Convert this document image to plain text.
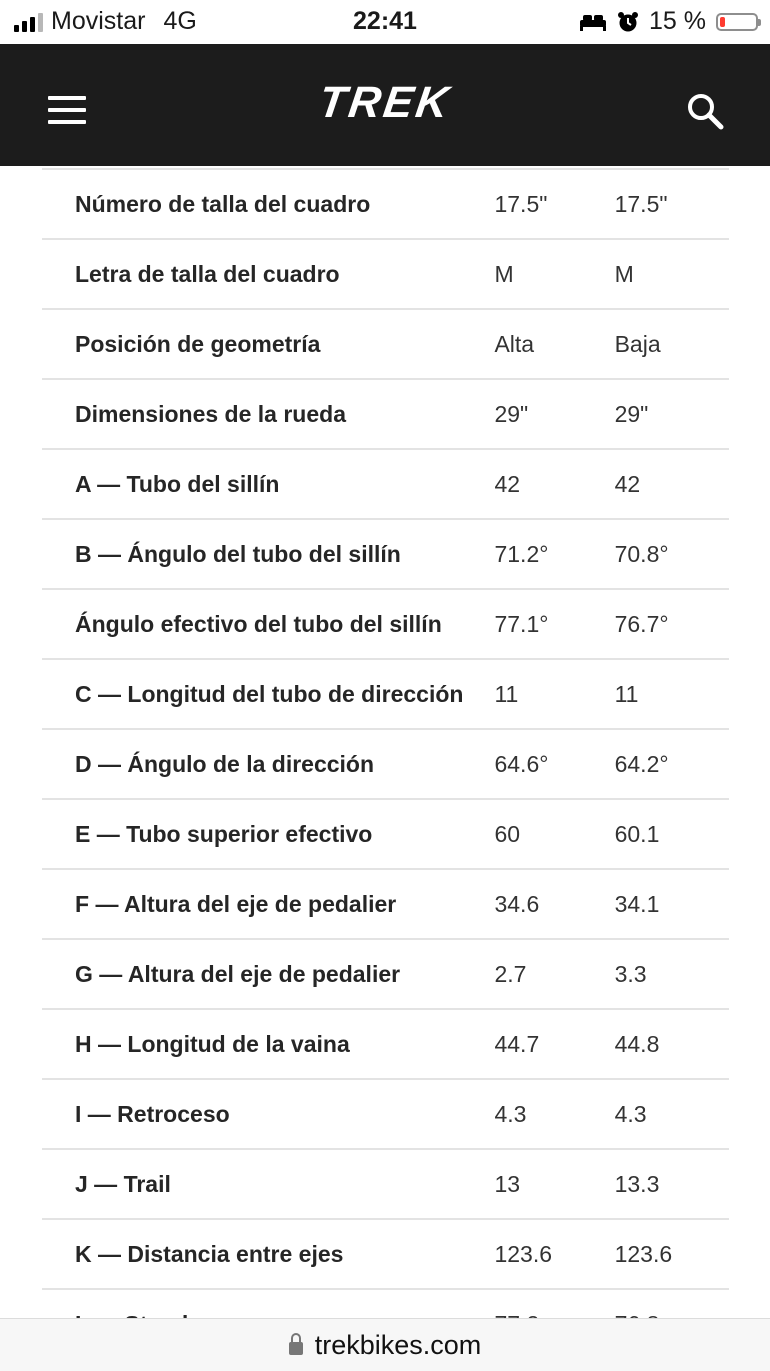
Movistar 4G	22:41	15 %
TREK
Número de talla del cuadro	17.5"	17.5"
Letra de talla del cuadro	M	M
Posición de geometría	Alta	Baja
Dimensiones de la rueda	29"	29"
A — Tubo del sillín	42	42
B — Ángulo del tubo del sillín	71.2°	70.8°
Ángulo efectivo del tubo del sillín	77.1°	76.7°
C — Longitud del tubo de dirección	11	11
D — Ángulo de la dirección	64.6°	64.2°
E — Tubo superior efectivo	60	60.1
F — Altura del eje de pedalier	34.6	34.1
G — Altura del eje de pedalier	2.7	3.3
H — Longitud de la vaina	44.7	44.8
I — Retroceso	4.3	4.3
J — Trail	13	13.3
K — Distancia entre ejes	123.6	123.6
trekbikes.com
